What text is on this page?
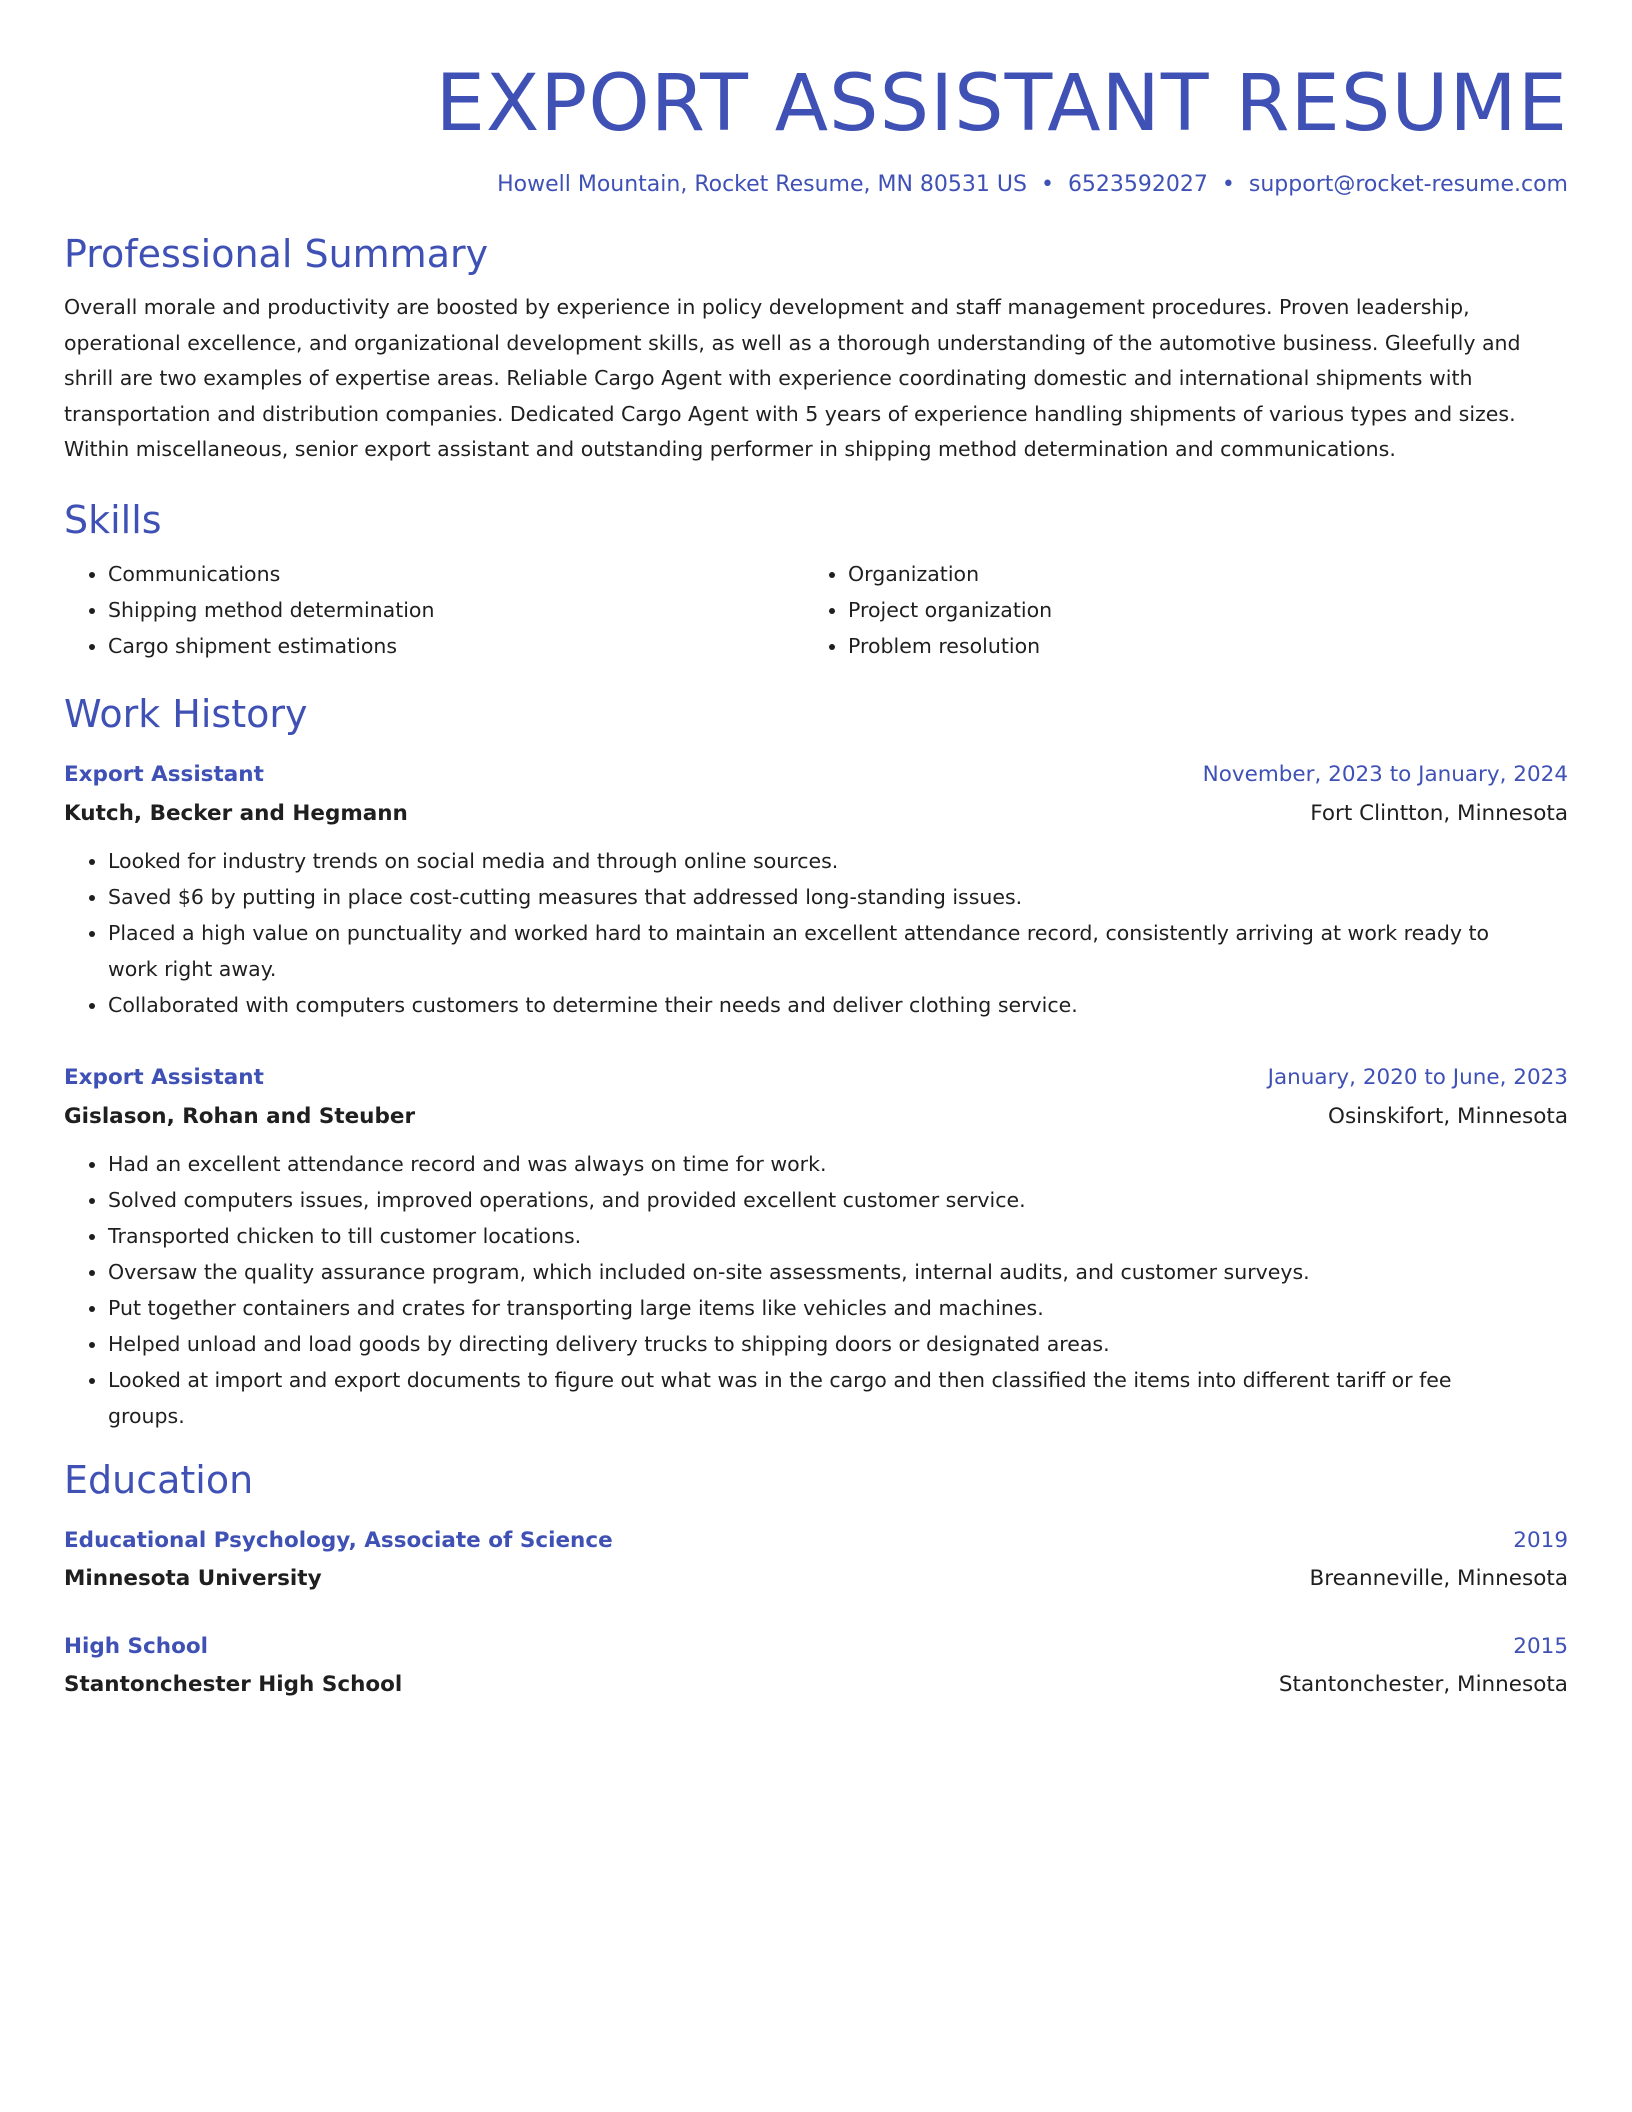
EXPORT ASSISTANT RESUME
Howell Mountain, Rocket Resume, MN 80531 US • 6523592027 • support@rocket-resume.com
Professional Summary
Overall morale and productivity are boosted by experience in policy development and staff management procedures. Proven leadership, operational excellence, and organizational development skills, as well as a thorough understanding of the automotive business. Gleefully and shrill are two examples of expertise areas. Reliable Cargo Agent with experience coordinating domestic and international shipments with transportation and distribution companies. Dedicated Cargo Agent with 5 years of experience handling shipments of various types and sizes. Within miscellaneous, senior export assistant and outstanding performer in shipping method determination and communications.
Skills
• Communications
• Shipping method determination
• Cargo shipment estimations
• Organization
• Project organization
• Problem resolution
Work History
Export Assistant	November, 2023 to January, 2024
Kutch, Becker and Hegmann	Fort Clintton, Minnesota
• Looked for industry trends on social media and through online sources.
• Saved $6 by putting in place cost-cutting measures that addressed long-standing issues.
• Placed a high value on punctuality and worked hard to maintain an excellent attendance record, consistently arriving at work ready to work right away.
• Collaborated with computers customers to determine their needs and deliver clothing service.
Export Assistant	January, 2020 to June, 2023
Gislason, Rohan and Steuber	Osinskifort, Minnesota
• Had an excellent attendance record and was always on time for work.
• Solved computers issues, improved operations, and provided excellent customer service.
• Transported chicken to till customer locations.
• Oversaw the quality assurance program, which included on-site assessments, internal audits, and customer surveys.
• Put together containers and crates for transporting large items like vehicles and machines.
• Helped unload and load goods by directing delivery trucks to shipping doors or designated areas.
• Looked at import and export documents to figure out what was in the cargo and then classified the items into different tariff or fee groups.
Education
Educational Psychology, Associate of Science	2019
Minnesota University	Breanneville, Minnesota
High School	2015
Stantonchester High School	Stantonchester, Minnesota
